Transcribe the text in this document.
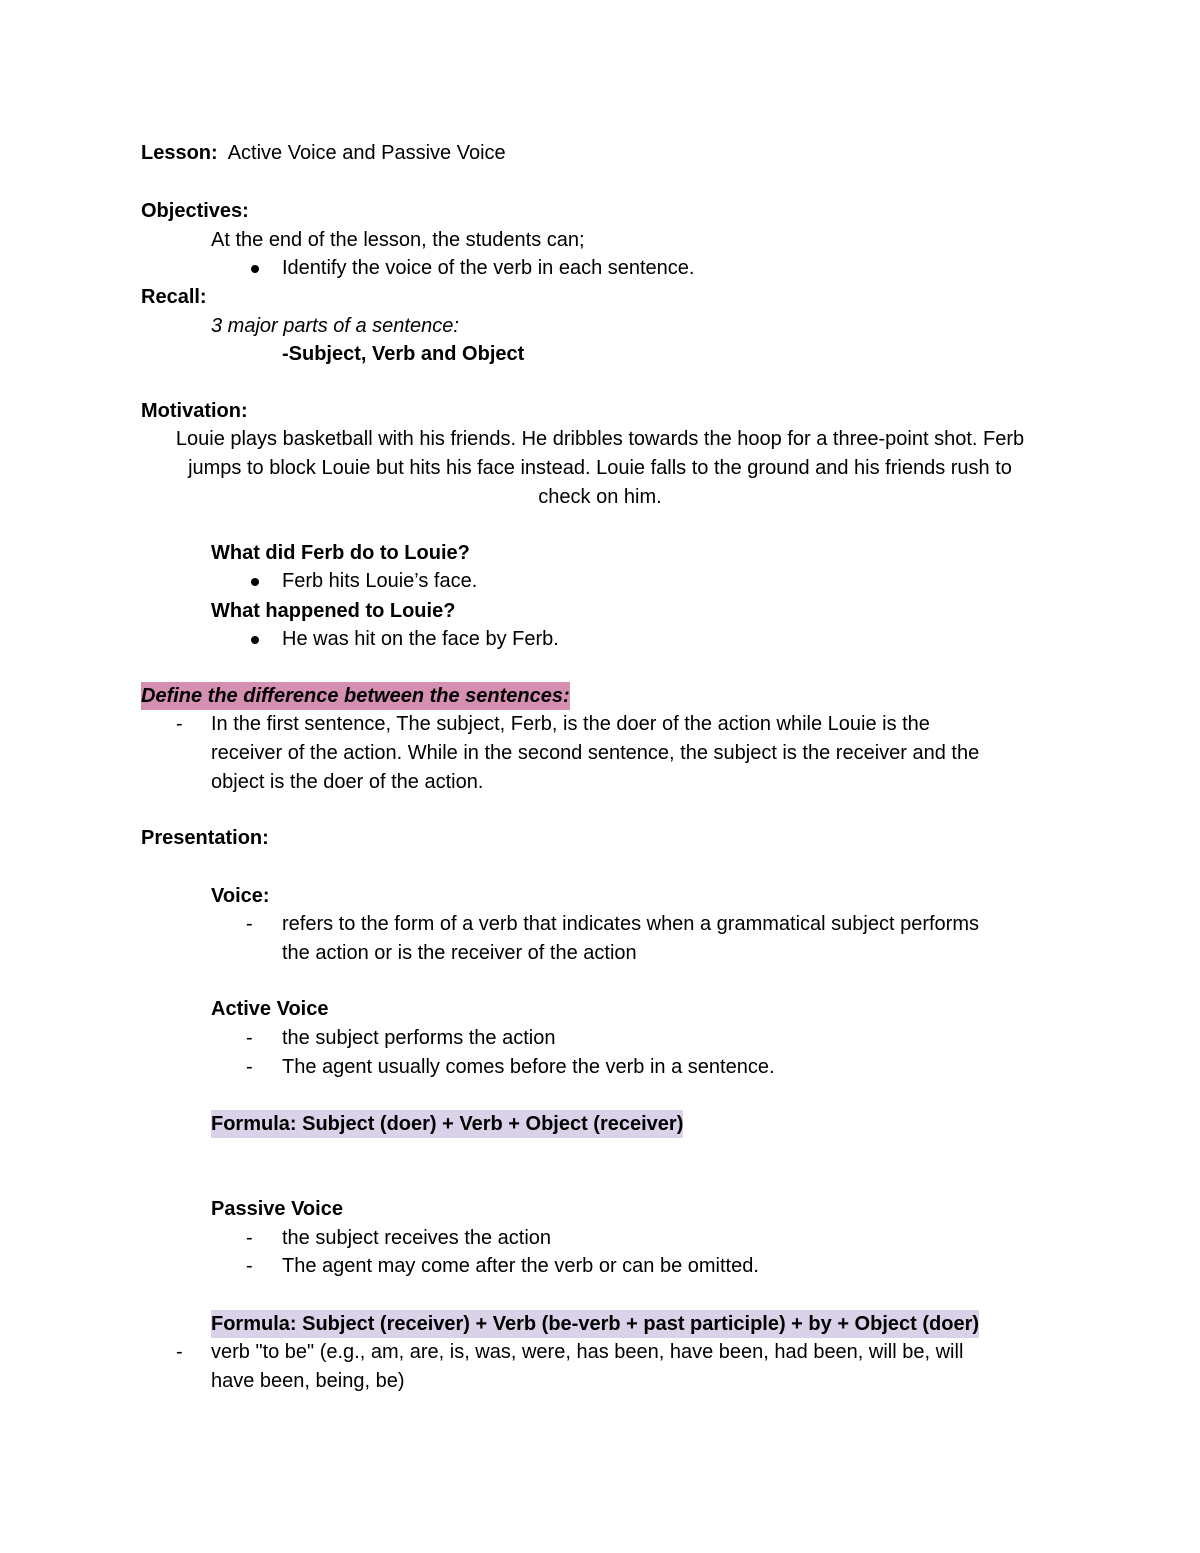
Lesson: Active Voice and Passive Voice
Objectives:
At the end of the lesson, the students can;
Identify the voice of the verb in each sentence.
Recall:
3 major parts of a sentence:
-Subject, Verb and Object
Motivation:
Louie plays basketball with his friends. He dribbles towards the hoop for a three-point shot. Ferb
jumps to block Louie but hits his face instead. Louie falls to the ground and his friends rush to
check on him.
What did Ferb do to Louie?
Ferb hits Louie’s face.
What happened to Louie?
He was hit on the face by Ferb.
Define the difference between the sentences:
- In the first sentence, The subject, Ferb, is the doer of the action while Louie is the
receiver of the action. While in the second sentence, the subject is the receiver and the
object is the doer of the action.
Presentation:
Voice:
- refers to the form of a verb that indicates when a grammatical subject performs
the action or is the receiver of the action
Active Voice
- the subject performs the action
- The agent usually comes before the verb in a sentence.
Formula: Subject (doer) + Verb + Object (receiver)
Passive Voice
- the subject receives the action
- The agent may come after the verb or can be omitted.
Formula: Subject (receiver) + Verb (be-verb + past participle) + by + Object (doer)
- verb "to be" (e.g., am, are, is, was, were, has been, have been, had been, will be, will
have been, being, be)
